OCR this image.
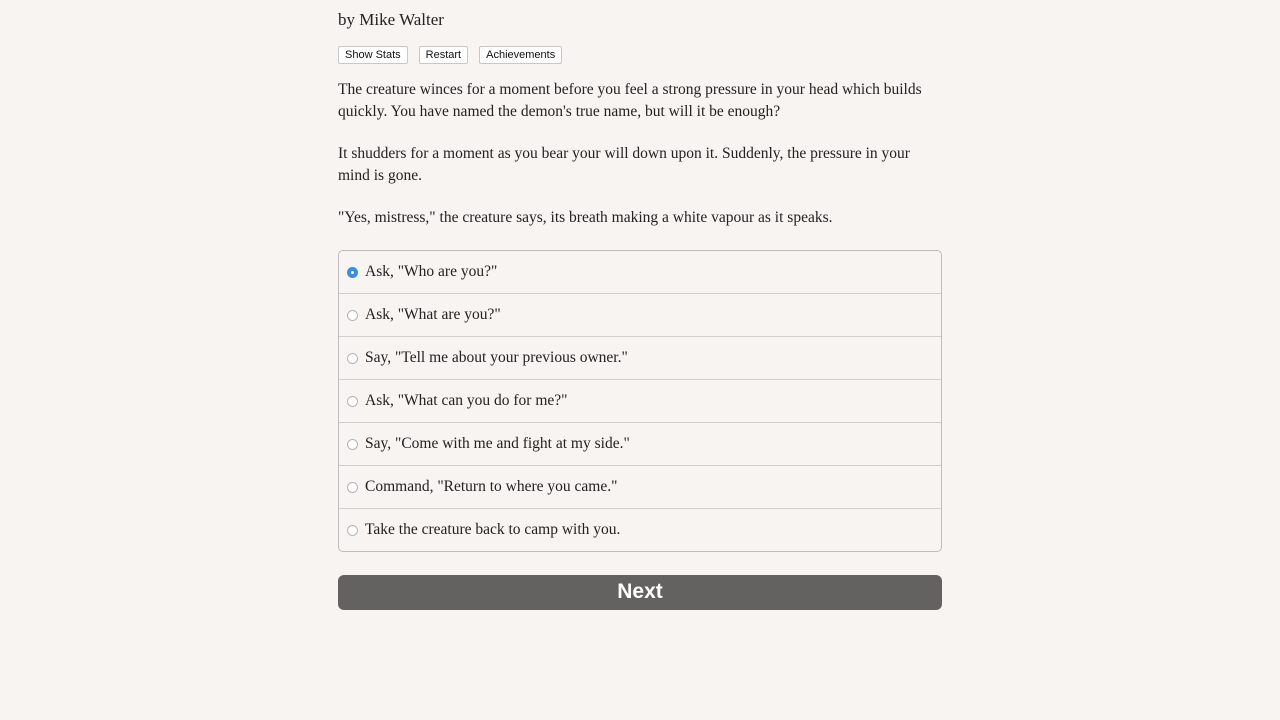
by Mike Walter
Show Stats	Restart	Achievements

The creature winces for a moment before you feel a strong pressure in your head which builds quickly. You have named the demon's true name, but will it be enough?

It shudders for a moment as you bear your will down upon it. Suddenly, the pressure in your mind is gone.

"Yes, mistress," the creature says, its breath making a white vapour as it speaks.

Ask, "Who are you?"
Ask, "What are you?"
Say, "Tell me about your previous owner."
Ask, "What can you do for me?"
Say, "Come with me and fight at my side."
Command, "Return to where you came."
Take the creature back to camp with you.
Next
